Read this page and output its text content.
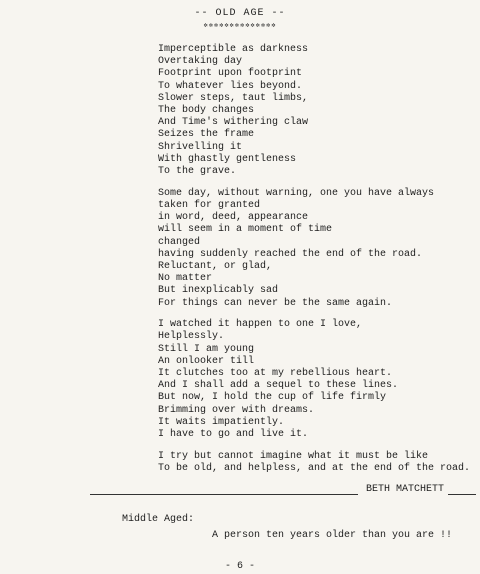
-- OLD AGE --
✲✲✲✲✲✲✲✲✲✲✲✲✲✲
Imperceptible as darkness
Overtaking day
Footprint upon footprint
To whatever lies beyond.
Slower steps, taut limbs,
The body changes
And Time's withering claw
Seizes the frame
Shrivelling it
With ghastly gentleness
To the grave.
Some day, without warning, one you have always
taken for granted
in word, deed, appearance
will seem in a moment of time
changed
having suddenly reached the end of the road.
Reluctant, or glad,
No matter
But inexplicably sad
For things can never be the same again.
I watched it happen to one I love,
Helplessly.
Still I am young
An onlooker till
It clutches too at my rebellious heart.
And I shall add a sequel to these lines.
But now, I hold the cup of life firmly
Brimming over with dreams.
It waits impatiently.
I have to go and live it.
I try but cannot imagine what it must be like
To be old, and helpless, and at the end of the road.
BETH MATCHETT
Middle Aged:
A person ten years older than you are !!
- 6 -
